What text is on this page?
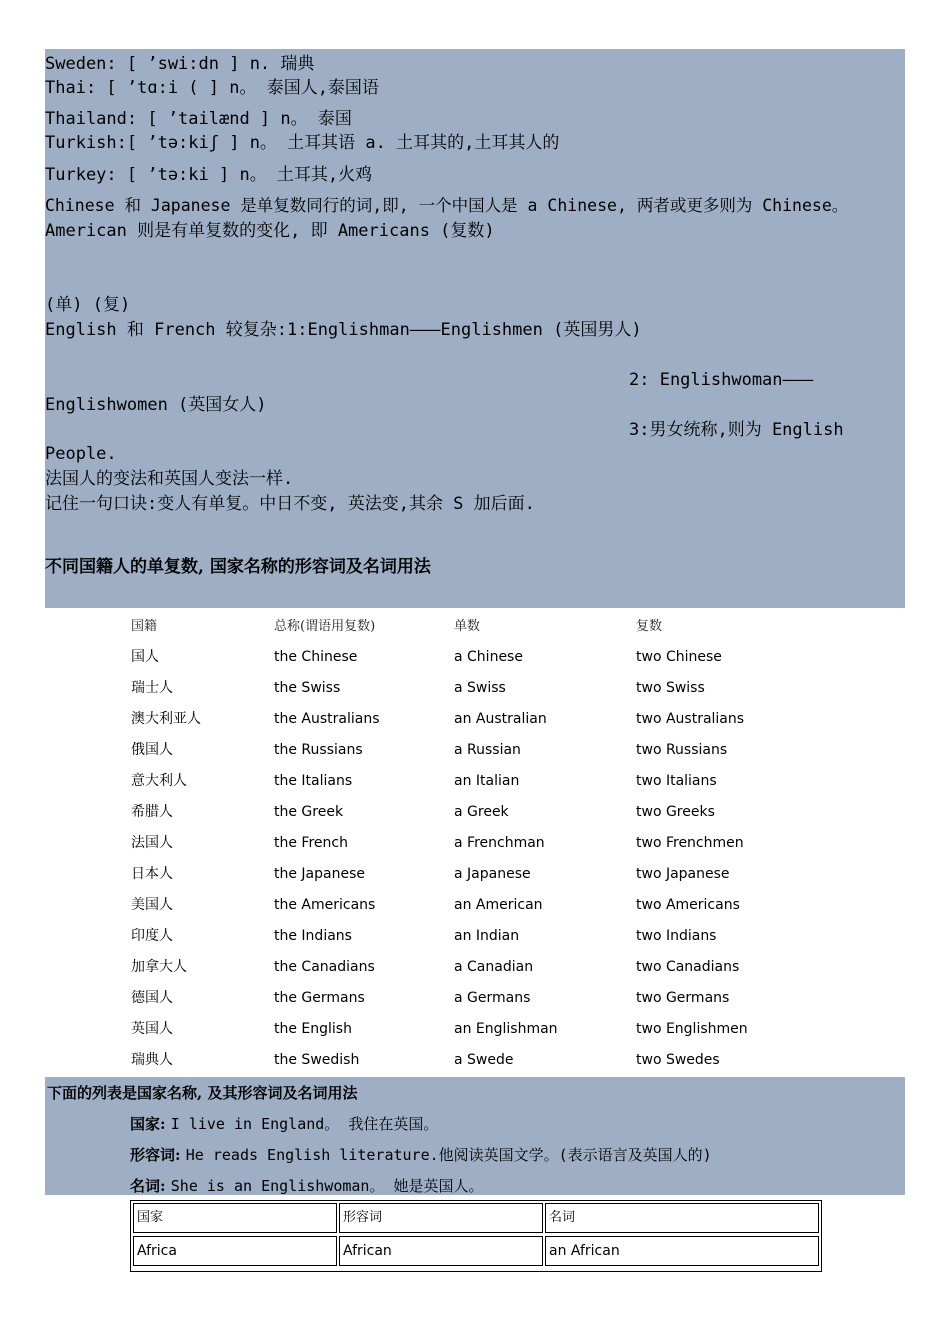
Sweden: [ ’swi:dn ] n. 瑞典
Thai: [ ’tɑ:i ( ] n。 泰国人,泰国语
Thailand: [ ’tailænd ] n。 泰国
Turkish:[ ’tə:kiʃ ] n。 土耳其语 a. 土耳其的,土耳其人的
Turkey: [ ’tə:ki ] n。 土耳其,火鸡
Chinese 和 Japanese 是单复数同行的词,即, 一个中国人是 a Chinese, 两者或更多则为 Chinese。
American 则是有单复数的变化, 即 Americans (复数)
(单) (复)
English 和 French 较复杂:1:Englishman———Englishmen (英国男人)
2: Englishwoman———
Englishwomen (英国女人)
3:男女统称,则为 English
People.
法国人的变法和英国人变法一样.
记住一句口诀:变人有单复。中日不变, 英法变,其余 S 加后面.
不同国籍人的单复数, 国家名称的形容词及名词用法
国籍	总称(谓语用复数)	单数	复数
国人	the Chinese	a Chinese	two Chinese
瑞士人	the Swiss	a Swiss	two Swiss
澳大利亚人	the Australians	an Australian	two Australians
俄国人	the Russians	a Russian	two Russians
意大利人	the Italians	an Italian	two Italians
希腊人	the Greek	a Greek	two Greeks
法国人	the French	a Frenchman	two Frenchmen
日本人	the Japanese	a Japanese	two Japanese
美国人	the Americans	an American	two Americans
印度人	the Indians	an Indian	two Indians
加拿大人	the Canadians	a Canadian	two Canadians
德国人	the Germans	a Germans	two Germans
英国人	the English	an Englishman	two Englishmen
瑞典人	the Swedish	a Swede	two Swedes
下面的列表是国家名称, 及其形容词及名词用法
国家: I live in England。 我住在英国。
形容词: He reads English literature.他阅读英国文学。(表示语言及英国人的)
名词: She is an Englishwoman。 她是英国人。
国家	形容词	名词
Africa	African	an African
